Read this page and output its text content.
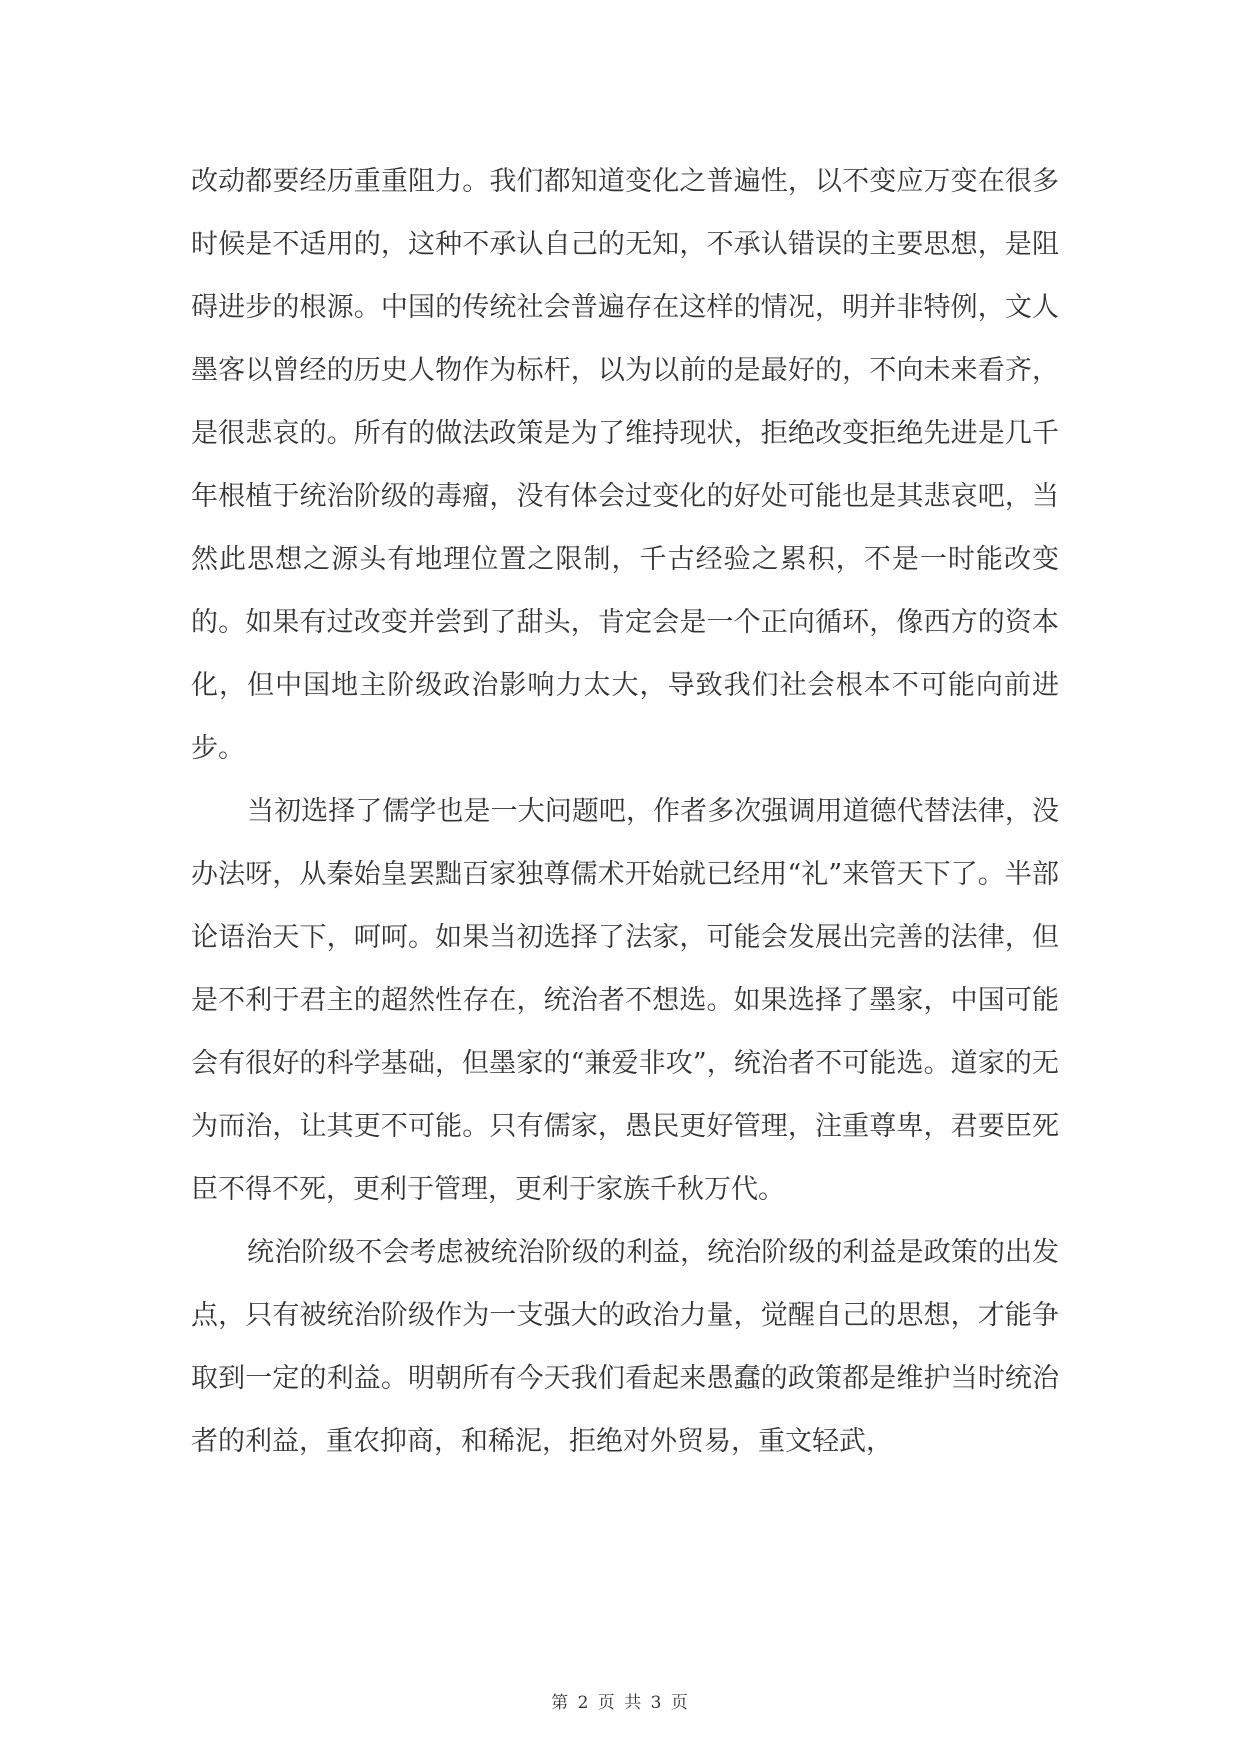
改动都要经历重重阻力。我们都知道变化之普遍性，以不变应万变在很多时候是不适用的，这种不承认自己的无知，不承认错误的主要思想，是阻碍进步的根源。中国的传统社会普遍存在这样的情况，明并非特例，文人墨客以曾经的历史人物作为标杆，以为以前的是最好的，不向未来看齐，是很悲哀的。所有的做法政策是为了维持现状，拒绝改变拒绝先进是几千年根植于统治阶级的毒瘤，没有体会过变化的好处可能也是其悲哀吧，当然此思想之源头有地理位置之限制，千古经验之累积，不是一时能改变的。如果有过改变并尝到了甜头，肯定会是一个正向循环，像西方的资本化，但中国地主阶级政治影响力太大，导致我们社会根本不可能向前进步。

当初选择了儒学也是一大问题吧，作者多次强调用道德代替法律，没办法呀，从秦始皇罢黜百家独尊儒术开始就已经用“礼”来管天下了。半部论语治天下，呵呵。如果当初选择了法家，可能会发展出完善的法律，但是不利于君主的超然性存在，统治者不想选。如果选择了墨家，中国可能会有很好的科学基础，但墨家的“兼爱非攻”，统治者不可能选。道家的无为而治，让其更不可能。只有儒家，愚民更好管理，注重尊卑，君要臣死臣不得不死，更利于管理，更利于家族千秋万代。

统治阶级不会考虑被统治阶级的利益，统治阶级的利益是政策的出发点，只有被统治阶级作为一支强大的政治力量，觉醒自己的思想，才能争取到一定的利益。明朝所有今天我们看起来愚蠢的政策都是维护当时统治者的利益，重农抑商，和稀泥，拒绝对外贸易，重文轻武，

第 2 页 共 3 页
